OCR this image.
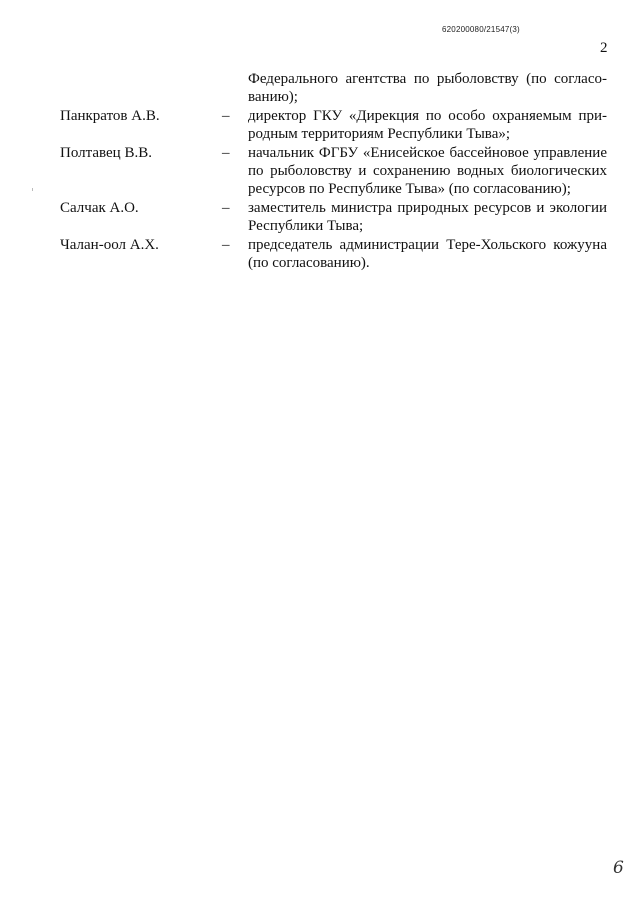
620200080/21547(3)
2
Федерального агентства по рыболовству (по согласо-ванию);
Панкратов А.В.	– директор ГКУ «Дирекция по особо охраняемым при-родным территориям Республики Тыва»;
Полтавец В.В.	– начальник ФГБУ «Енисейское бассейновое управление по рыболовству и сохранению водных биологических ресурсов по Республике Тыва» (по согласованию);
Салчак А.О.	– заместитель министра природных ресурсов и экологии Республики Тыва;
Чалан-оол А.Х.	– председатель администрации Тере-Хольского кожууна (по согласованию).
6
